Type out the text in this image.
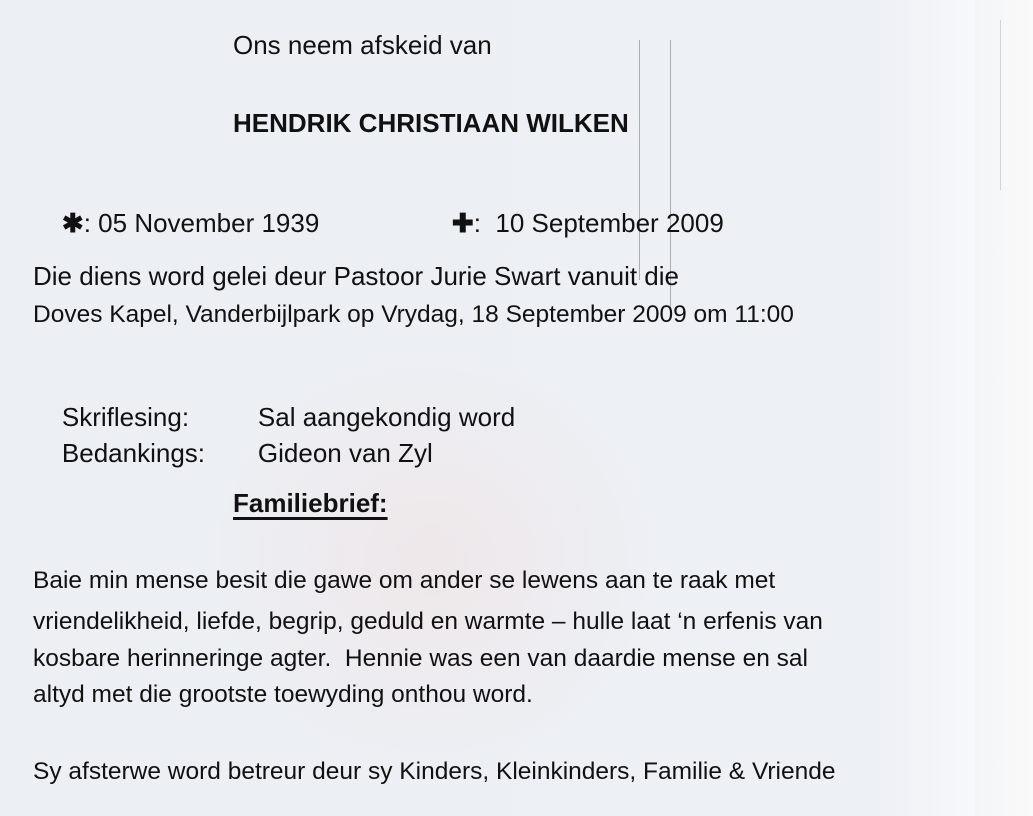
Ons neem afskeid van
HENDRIK CHRISTIAAN WILKEN

✱: 05 November 1939
	✚: 10 September 2009

Die diens word gelei deur Pastoor Jurie Swart vanuit die
Doves Kapel, Vanderbijlpark op Vrydag, 18 September 2009 om 11:00

Skriflesing:	Sal aangekondig word

Bedankings: Gideon van Zyl

Familiebrief:
Baie min mense besit die gawe om ander se lewens aan te raak met
vriendelikheid, liefde, begrip, geduld en warmte – hulle laat ‘n erfenis van
kosbare herinneringe agter.  Hennie was een van daardie mense en sal
altyd met die grootste toewyding onthou word.
Sy afsterwe word betreur deur sy Kinders, Kleinkinders, Familie & Vriende
